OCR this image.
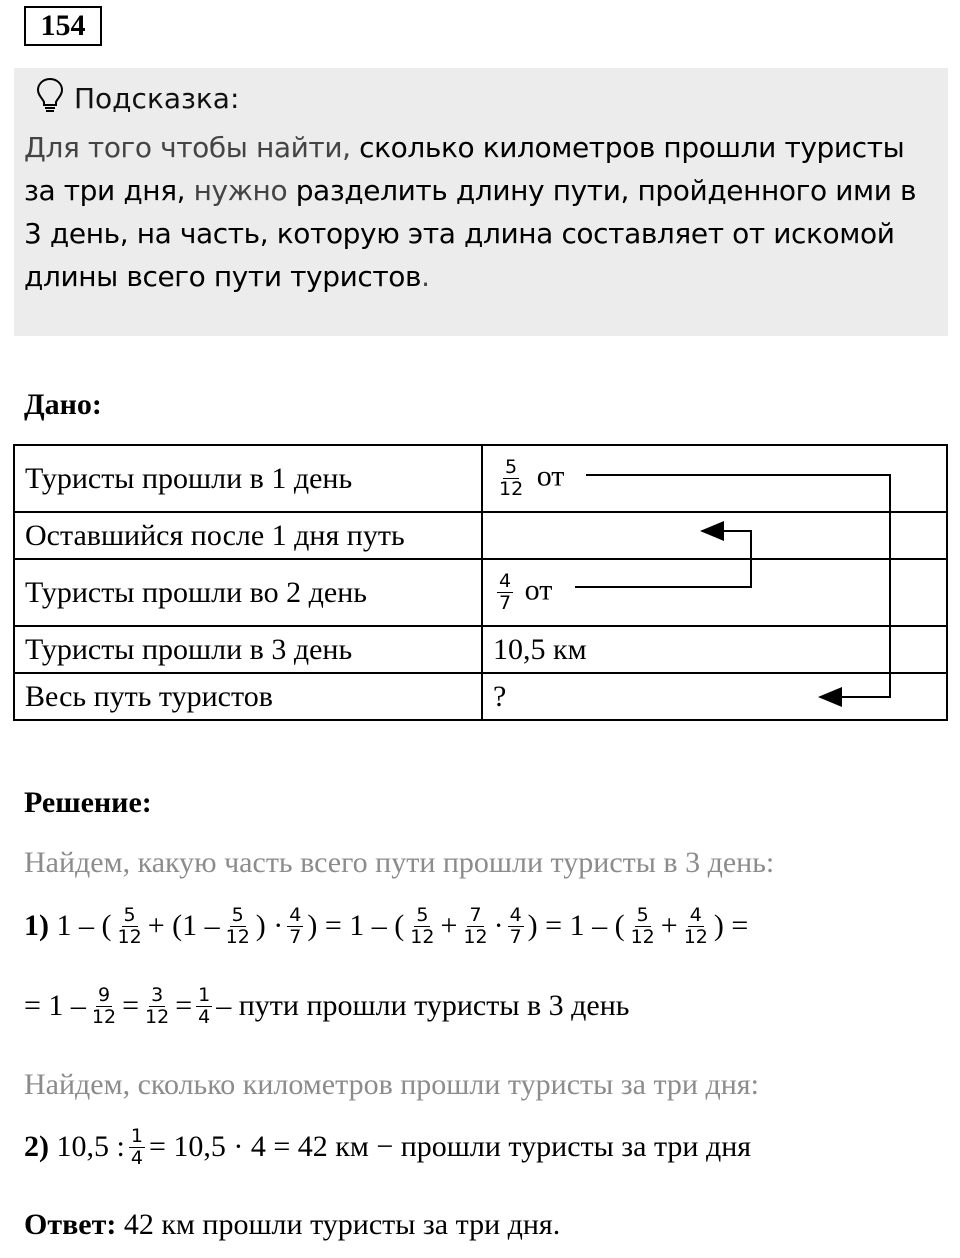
154
Подсказка:
Для того чтобы найти, сколько километров прошли туристы за три дня, нужно разделить длину пути, пройденного ими в 3 день, на часть, которую эта длина составляет от искомой длины всего пути туристов.
Дано:
Туристы прошли в 1 день	$\frac{5}{12}$ от
Оставшийся после 1 дня путь	
Туристы прошли во 2 день	$\frac{4}{7}$ от
Туристы прошли в 3 день	10,5 км
Весь путь туристов	?
Решение:
Найдем, какую часть всего пути прошли туристы в 3 день:
1) 1 – ( $\frac{5}{12} + (1 - \frac{5}{12}$ ) · $\frac{4}{7}$ ) = 1 – ( $\frac{5}{12} + \frac{7}{12} \cdot \frac{4}{7}$ ) = 1 – ( $\frac{5}{12} + \frac{4}{12}$ ) =
= $1 - \frac{9}{12} = \frac{3}{12} = \frac{1}{4}$ – пути прошли туристы в 3 день
Найдем, сколько километров прошли туристы за три дня:
2)
10,5 : $\frac{1}{4} = 10,5 \cdot 4 = 42$ км − прошли туристы за три дня
Ответ: 42 км прошли туристы за три дня.
